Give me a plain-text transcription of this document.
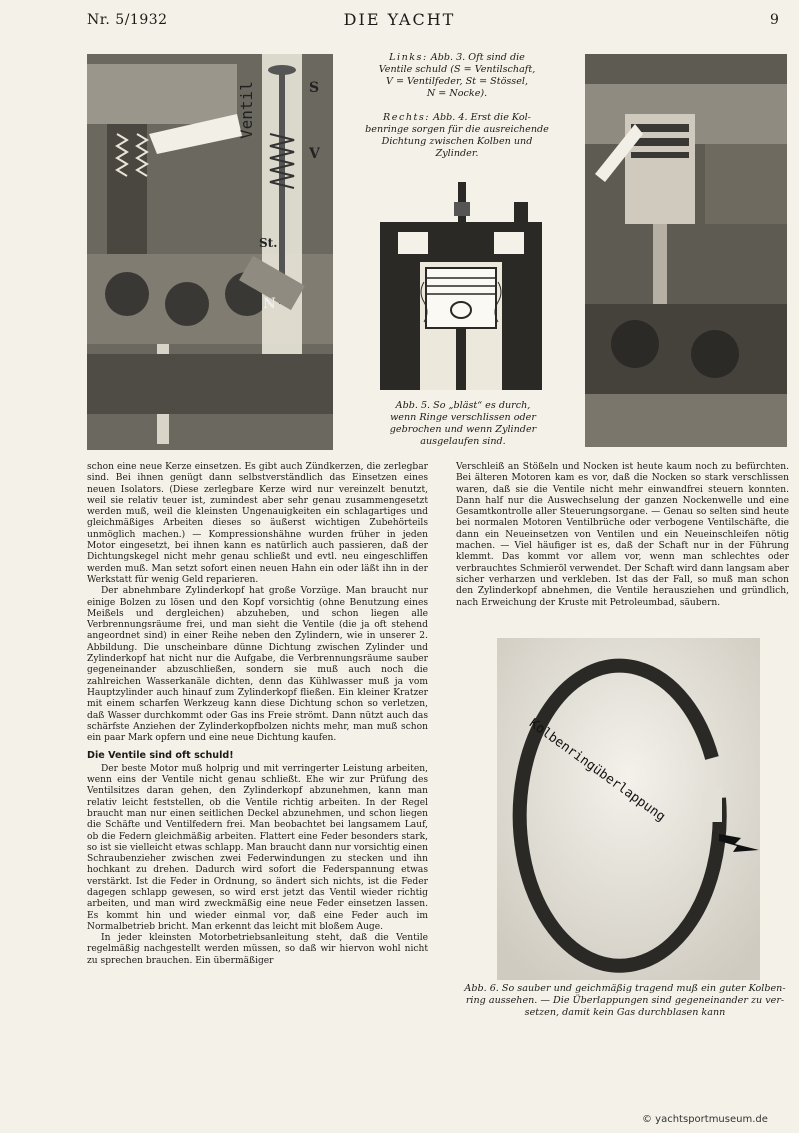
Nr. 5/1932	DIE YACHT	9
Ventil	S
V
St.
N
Links: Abb. 3. Oft sind die
Ventile schuld (S = Ventilschaft,
V = Ventilfeder, St = Stössel,
N = Nocke).
Rechts: Abb. 4. Erst die Kol-
benringe sorgen für die ausreichende
Dichtung zwischen Kolben und
Zylinder.
Abb. 5. So „bläst“ es durch,
wenn Ringe verschlissen oder
gebrochen und wenn Zylinder
ausgelaufen sind.

schon eine neue Kerze einsetzen. Es gibt auch Zündkerzen, die zerlegbar sind. Bei ihnen genügt dann selbstverständlich das Einsetzen eines neuen Isolators. (Diese zerlegbare Kerze wird nur vereinzelt benutzt, weil sie relativ teuer ist, zumindest aber sehr genau zusammengesetzt werden muß, weil die kleinsten Ungenauigkeiten ein schlagartiges und gleichmäßiges Arbeiten dieses so äußerst wichtigen Zubehörteils unmöglich machen.) — Kompressionshähne wurden früher in jeden Motor eingesetzt, bei ihnen kann es natürlich auch passieren, daß der Dichtungskegel nicht mehr genau schließt und evtl. neu eingeschliffen werden muß. Man setzt sofort einen neuen Hahn ein oder läßt ihn in der Werkstatt für wenig Geld reparieren.

Der abnehmbare Zylinderkopf hat große Vorzüge. Man braucht nur einige Bolzen zu lösen und den Kopf vorsichtig (ohne Benutzung eines Meißels und dergleichen) abzuheben, und schon liegen alle Verbrennungsräume frei, und man sieht die Ventile (die ja oft stehend angeordnet sind) in einer Reihe neben den Zylindern, wie in unserer 2. Abbildung. Die unscheinbare dünne Dichtung zwischen Zylinder und Zylinderkopf hat nicht nur die Aufgabe, die Verbrennungsräume sauber gegeneinander abzuschließen, sondern sie muß auch noch die zahlreichen Wasserkanäle dichten, denn das Kühlwasser muß ja vom Hauptzylinder auch hinauf zum Zylinderkopf fließen. Ein kleiner Kratzer mit einem scharfen Werkzeug kann diese Dichtung schon so verletzen, daß Wasser durchkommt oder Gas ins Freie strömt. Dann nützt auch das schärfste Anziehen der Zylinderkopfbolzen nichts mehr, man muß schon ein paar Mark opfern und eine neue Dichtung kaufen.

Die Ventile sind oft schuld!

Der beste Motor muß holprig und mit verringerter Leistung arbeiten, wenn eins der Ventile nicht genau schließt. Ehe wir zur Prüfung des Ventilsitzes daran gehen, den Zylinderkopf abzunehmen, kann man relativ leicht feststellen, ob die Ventile richtig arbeiten. In der Regel braucht man nur einen seitlichen Deckel abzunehmen, und schon liegen die Schäfte und Ventilfedern frei. Man beobachtet bei langsamem Lauf, ob die Federn gleichmäßig arbeiten. Flattert eine Feder besonders stark, so ist sie vielleicht etwas schlapp. Man braucht dann nur vorsichtig einen Schraubenzieher zwischen zwei Federwindungen zu stecken und ihn hochkant zu drehen. Dadurch wird sofort die Federspannung etwas verstärkt. Ist die Feder in Ordnung, so ändert sich nichts, ist die Feder dagegen schlapp gewesen, so wird erst jetzt das Ventil wieder richtig arbeiten, und man wird zweckmäßig eine neue Feder einsetzen lassen. Es kommt hin und wieder einmal vor, daß eine Feder auch im Normalbetrieb bricht. Man erkennt das leicht mit bloßem Auge.

In jeder kleinsten Motorbetriebsanleitung steht, daß die Ventile regelmäßig nachgestellt werden müssen, so daß wir hiervon wohl nicht zu sprechen brauchen. Ein übermäßiger

Verschleiß an Stößeln und Nocken ist heute kaum noch zu befürchten. Bei älteren Motoren kam es vor, daß die Nocken so stark verschlissen waren, daß sie die Ventile nicht mehr einwandfrei steuern konnten. Dann half nur die Auswechselung der ganzen Nockenwelle und eine Gesamtkontrolle aller Steuerungsorgane. — Genau so selten sind heute bei normalen Motoren Ventilbrüche oder verbogene Ventilschäfte, die dann ein Neueinsetzen von Ventilen und ein Neueinschleifen nötig machen. — Viel häufiger ist es, daß der Schaft nur in der Führung klemmt. Das kommt vor allem vor, wenn man schlechtes oder verbrauchtes Schmieröl verwendet. Der Schaft wird dann langsam aber sicher verharzen und verkleben. Ist das der Fall, so muß man schon den Zylinderkopf abnehmen, die Ventile herausziehen und gründlich, nach Erweichung der Kruste mit Petroleumbad, säubern.

Kolbenringüberlappung
Abb. 6. So sauber und geichmäßig tragend muß ein guter Kolben-
ring aussehen. — Die Überlappungen sind gegeneinander zu ver-
setzen, damit kein Gas durchblasen kann
© yachtsportmuseum.de
